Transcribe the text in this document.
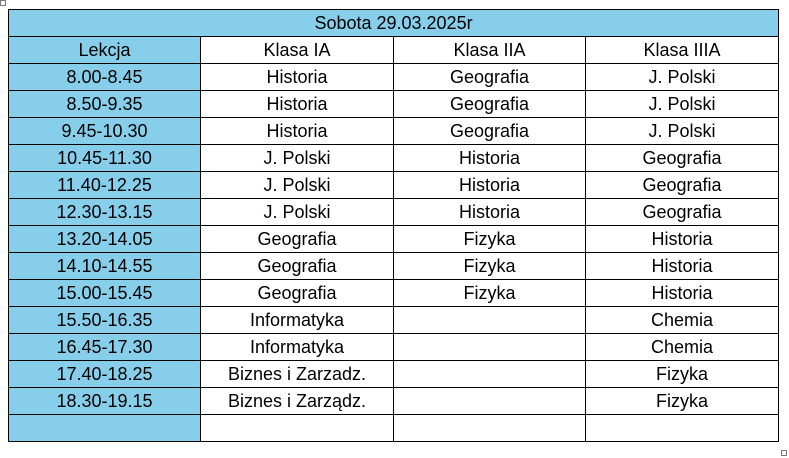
Sobota 29.03.2025r			
Lekcja	Klasa IA	Klasa IIA	Klasa IIIA
8.00-8.45	Historia	Geografia	J. Polski
8.50-9.35	Historia	Geografia	J. Polski
9.45-10.30	Historia	Geografia	J. Polski
10.45-11.30	J. Polski	Historia	Geografia
11.40-12.25	J. Polski	Historia	Geografia
12.30-13.15	J. Polski	Historia	Geografia
13.20-14.05	Geografia	Fizyka	Historia
14.10-14.55	Geografia	Fizyka	Historia
15.00-15.45	Geografia	Fizyka	Historia
15.50-16.35	Informatyka		Chemia
16.45-17.30	Informatyka		Chemia
17.40-18.25	Biznes i Zarzadz.		Fizyka
18.30-19.15	Biznes i Zarządz.		Fizyka
